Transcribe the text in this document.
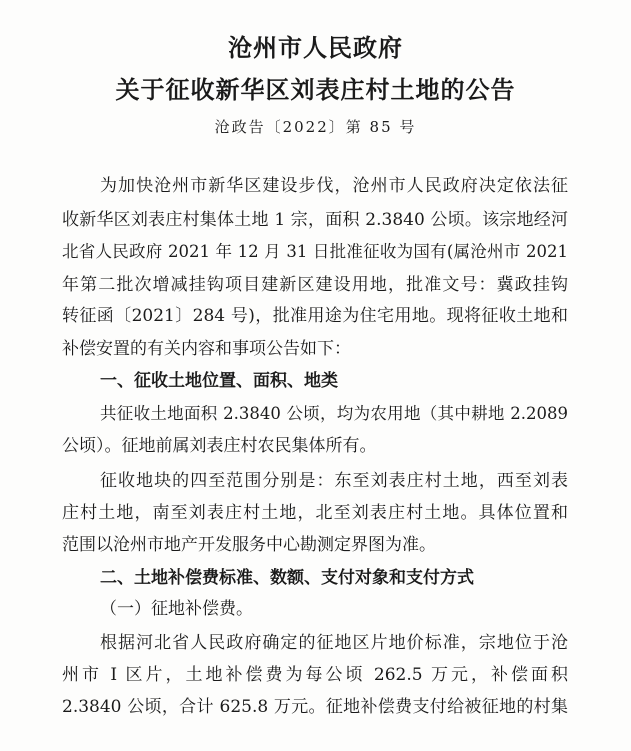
沧州市人民政府
关于征收新华区刘表庄村土地的公告
沧政告〔2022〕第 85 号
为加快沧州市新华区建设步伐，沧州市人民政府决定依法征
收新华区刘表庄村集体土地 1 宗，面积 2.3840 公顷。该宗地经河
北省人民政府 2021 年 12 月 31 日批准征收为国有(属沧州市 2021
年第二批次增减挂钩项目建新区建设用地，批准文号：冀政挂钩
转征函〔2021〕284 号)，批准用途为住宅用地。现将征收土地和
补偿安置的有关内容和事项公告如下：
一、征收土地位置、面积、地类
共征收土地面积 2.3840 公顷，均为农用地（其中耕地 2.2089
公顷）。征地前属刘表庄村农民集体所有。
征收地块的四至范围分别是：东至刘表庄村土地，西至刘表
庄村土地，南至刘表庄村土地，北至刘表庄村土地。具体位置和
范围以沧州市地产开发服务中心勘测定界图为准。
二、土地补偿费标准、数额、支付对象和支付方式
（一）征地补偿费。
根据河北省人民政府确定的征地区片地价标准，宗地位于沧
州市 I 区片，土地补偿费为每公顷 262.5 万元，补偿面积
2.3840 公顷，合计 625.8 万元。征地补偿费支付给被征地的村集
